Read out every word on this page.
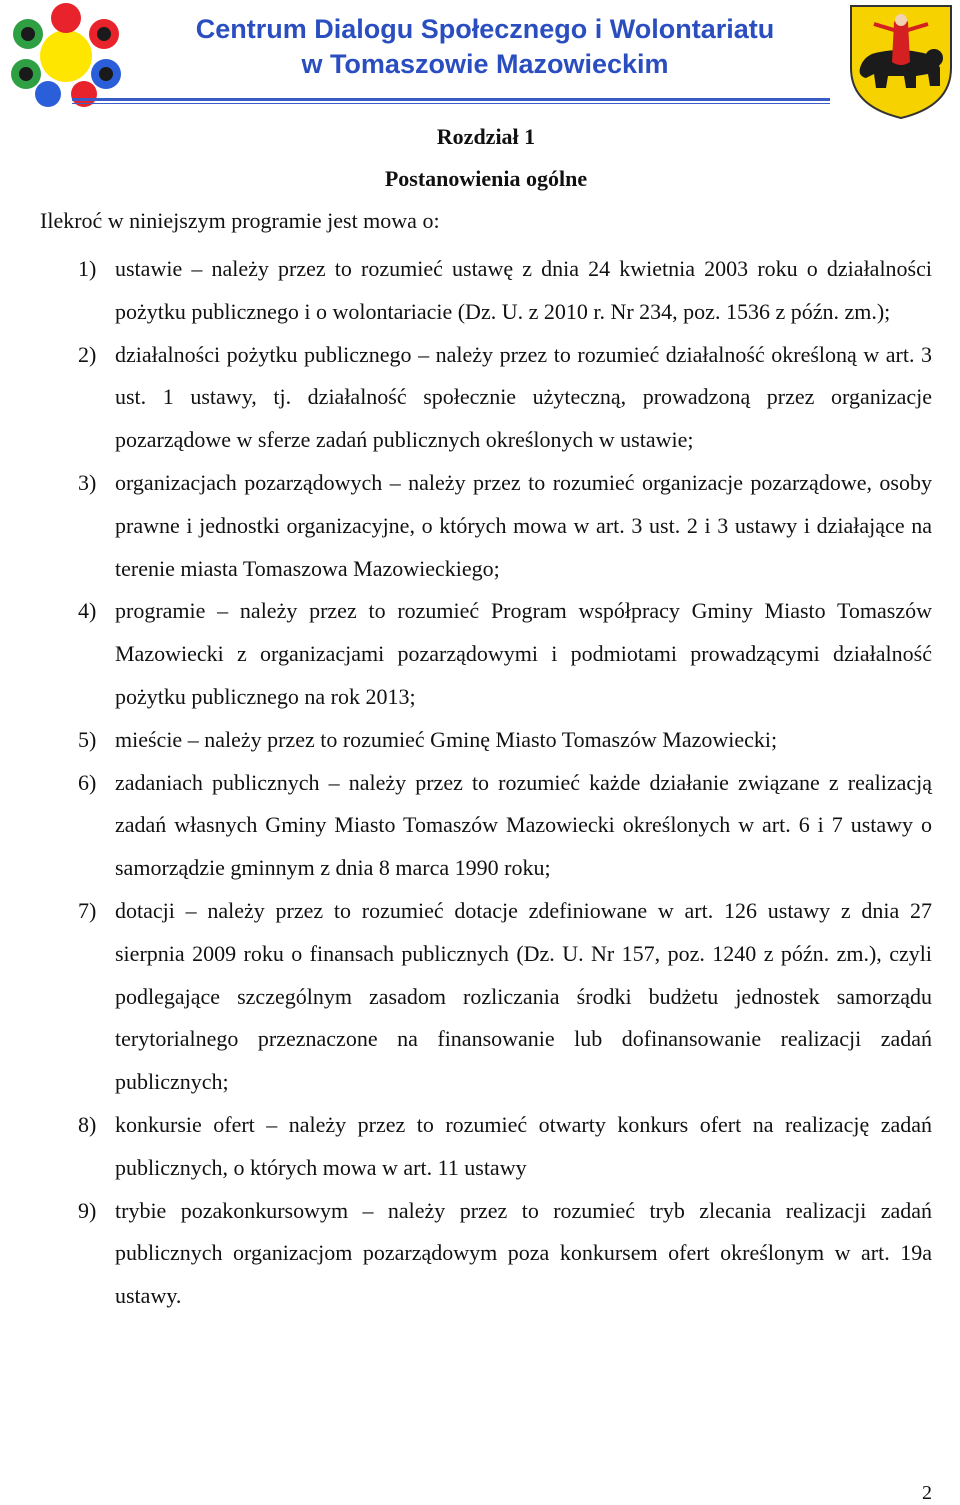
Centrum Dialogu Społecznego i Wolontariatu
w Tomaszowie Mazowieckim
Rozdział 1
Postanowienia ogólne
Ilekroć w niniejszym programie jest mowa o:
1) ustawie – należy przez to rozumieć ustawę z dnia 24 kwietnia 2003 roku o działalności pożytku publicznego i o wolontariacie (Dz. U. z 2010 r. Nr 234, poz. 1536 z późn. zm.);
2) działalności pożytku publicznego – należy przez to rozumieć działalność określoną w art. 3 ust. 1 ustawy, tj. działalność społecznie użyteczną, prowadzoną przez organizacje pozarządowe w sferze zadań publicznych określonych w ustawie;
3) organizacjach pozarządowych – należy przez to rozumieć organizacje pozarządowe, osoby prawne i jednostki organizacyjne, o których mowa w art. 3 ust. 2 i 3 ustawy i działające na terenie miasta Tomaszowa Mazowieckiego;
4) programie – należy przez to rozumieć Program współpracy Gminy Miasto Tomaszów Mazowiecki z organizacjami pozarządowymi i podmiotami prowadzącymi działalność pożytku publicznego na rok 2013;
5) mieście – należy przez to rozumieć Gminę Miasto Tomaszów Mazowiecki;
6) zadaniach publicznych – należy przez to rozumieć każde działanie związane z realizacją zadań własnych Gminy Miasto Tomaszów Mazowiecki określonych w art. 6 i 7 ustawy o samorządzie gminnym z dnia 8 marca 1990 roku;
7) dotacji – należy przez to rozumieć dotacje zdefiniowane w art. 126 ustawy z dnia 27 sierpnia 2009 roku o finansach publicznych (Dz. U. Nr 157, poz. 1240 z późn. zm.), czyli podlegające szczególnym zasadom rozliczania środki budżetu jednostek samorządu terytorialnego przeznaczone na finansowanie lub dofinansowanie realizacji zadań publicznych;
8) konkursie ofert – należy przez to rozumieć otwarty konkurs ofert na realizację zadań publicznych, o których mowa w art. 11 ustawy
9) trybie pozakonkursowym – należy przez to rozumieć tryb zlecania realizacji zadań publicznych organizacjom pozarządowym poza konkursem ofert określonym w art. 19a ustawy.
2
